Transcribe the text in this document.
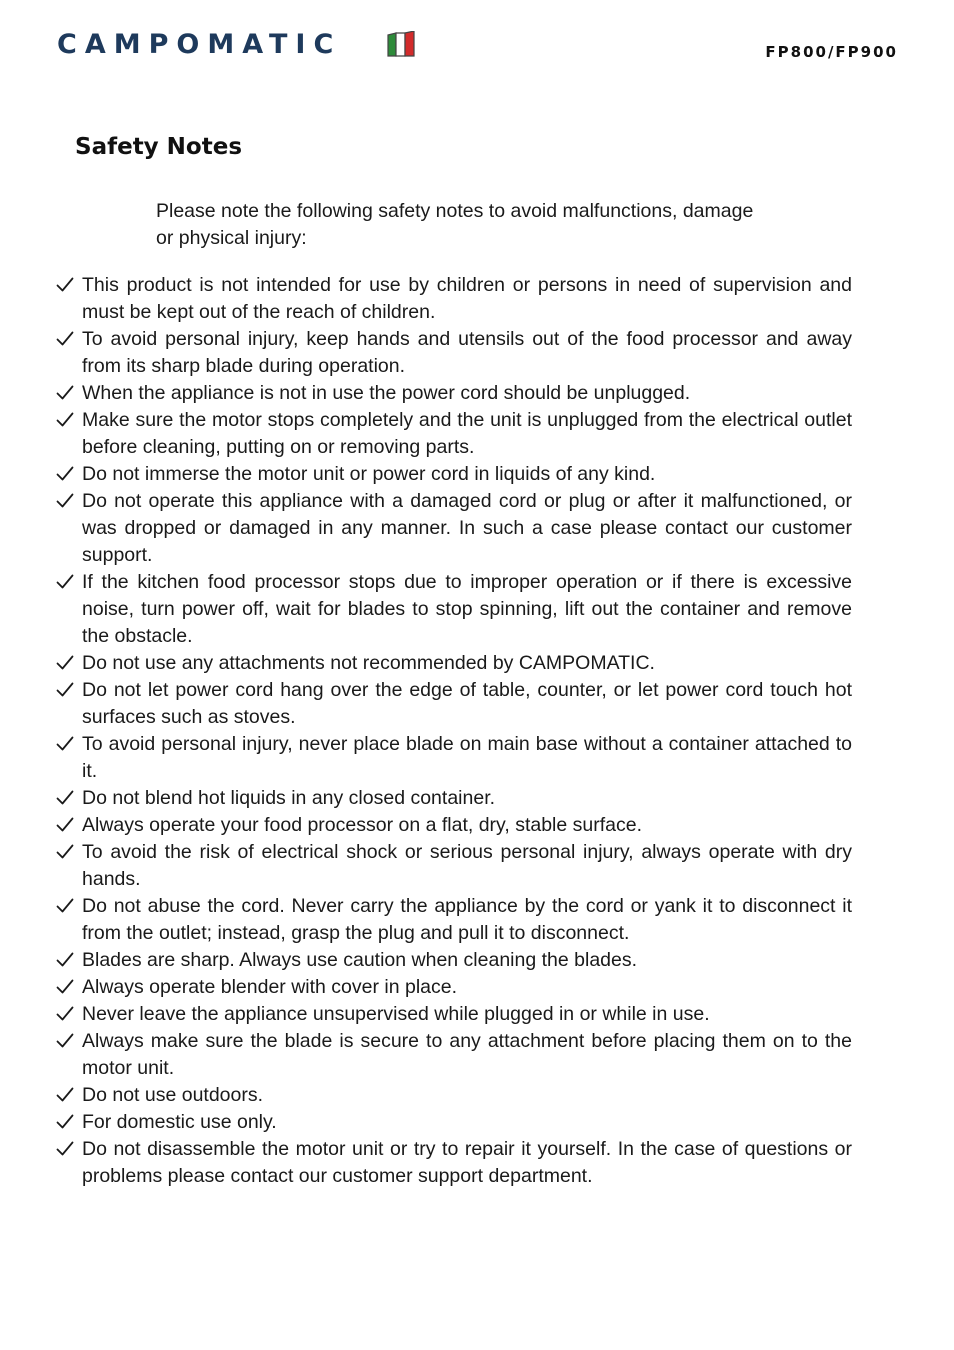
CAMPOMATIC	FP800/FP900
Safety Notes

Please note the following safety notes to avoid malfunctions, damage or physical injury:

This product is not intended for use by children or persons in need of supervision and must be kept out of the reach of children.
To avoid personal injury, keep hands and utensils out of the food processor and away from its sharp blade during operation.
When the appliance is not in use the power cord should be unplugged.
Make sure the motor stops completely and the unit is unplugged from the electrical outlet before cleaning, putting on or removing parts.
Do not immerse the motor unit or power cord in liquids of any kind.
Do not operate this appliance with a damaged cord or plug or after it malfunctioned, or was dropped or damaged in any manner. In such a case please contact our customer support.
If the kitchen food processor stops due to improper operation or if there is excessive noise, turn power off, wait for blades to stop spinning, lift out the container and remove the obstacle.
Do not use any attachments not recommended by CAMPOMATIC.
Do not let power cord hang over the edge of table, counter, or let power cord touch hot surfaces such as stoves.
To avoid personal injury, never place blade on main base without a container attached to it.
Do not blend hot liquids in any closed container.
Always operate your food processor on a flat, dry, stable surface.
To avoid the risk of electrical shock or serious personal injury, always operate with dry hands.
Do not abuse the cord. Never carry the appliance by the cord or yank it to disconnect it from the outlet; instead, grasp the plug and pull it to disconnect.
Blades are sharp. Always use caution when cleaning the blades.
Always operate blender with cover in place.
Never leave the appliance unsupervised while plugged in or while in use.
Always make sure the blade is secure to any attachment before placing them on to the motor unit.
Do not use outdoors.
For domestic use only.
Do not disassemble the motor unit or try to repair it yourself. In the case of questions or problems please contact our customer support department.
